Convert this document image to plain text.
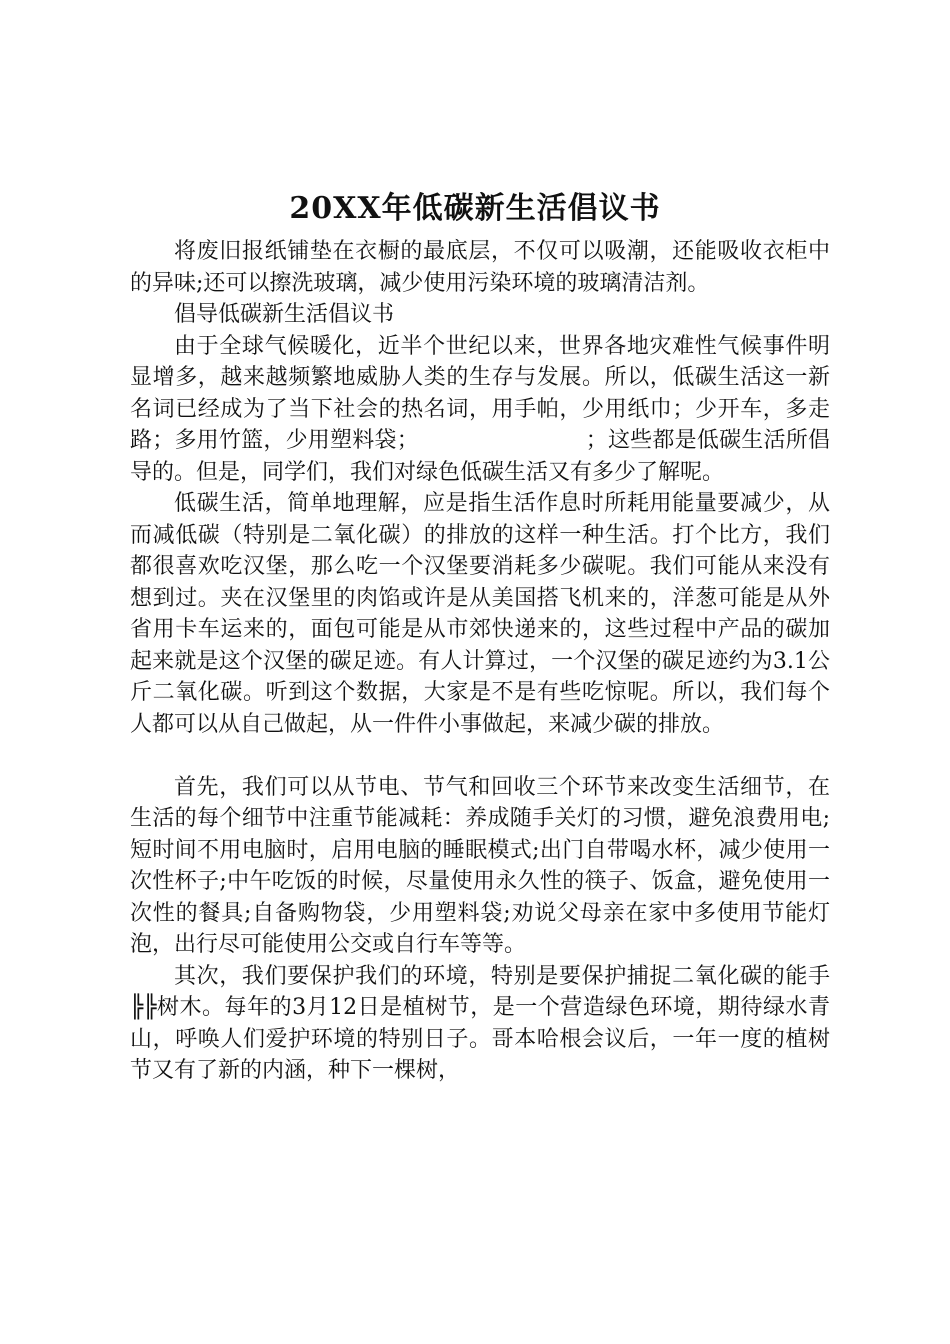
20XX年低碳新生活倡议书

将废旧报纸铺垫在衣橱的最底层，不仅可以吸潮，还能吸收衣柜中的异味;还可以擦洗玻璃，减少使用污染环境的玻璃清洁剂。

倡导低碳新生活倡议书

由于全球气候暖化，近半个世纪以来，世界各地灾难性气候事件明显增多，越来越频繁地威胁人类的生存与发展。所以，低碳生活这一新名词已经成为了当下社会的热名词，用手帕，少用纸巾；少开车，多走路；多用竹篮，少用塑料袋；　　　　　　　　；这些都是低碳生活所倡导的。但是，同学们，我们对绿色低碳生活又有多少了解呢。

低碳生活，简单地理解，应是指生活作息时所耗用能量要减少，从而减低碳（特别是二氧化碳）的排放的这样一种生活。打个比方，我们都很喜欢吃汉堡，那么吃一个汉堡要消耗多少碳呢。我们可能从来没有想到过。夹在汉堡里的肉馅或许是从美国搭飞机来的，洋葱可能是从外省用卡车运来的，面包可能是从市郊快递来的，这些过程中产品的碳加起来就是这个汉堡的碳足迹。有人计算过，一个汉堡的碳足迹约为3.1公斤二氧化碳。听到这个数据，大家是不是有些吃惊呢。所以，我们每个人都可以从自己做起，从一件件小事做起，来减少碳的排放。

首先，我们可以从节电、节气和回收三个环节来改变生活细节，在生活的每个细节中注重节能减耗：养成随手关灯的习惯，避免浪费用电;短时间不用电脑时，启用电脑的睡眠模式;出门自带喝水杯，减少使用一次性杯子;中午吃饭的时候，尽量使用永久性的筷子、饭盒，避免使用一次性的餐具;自备购物袋，少用塑料袋;劝说父母亲在家中多使用节能灯泡，出行尽可能使用公交或自行车等等。

其次，我们要保护我们的环境，特别是要保护捕捉二氧化碳的能手╠╠树木。每年的3月12日是植树节，是一个营造绿色环境，期待绿水青山，呼唤人们爱护环境的特别日子。哥本哈根会议后，一年一度的植树节又有了新的内涵，种下一棵树，
